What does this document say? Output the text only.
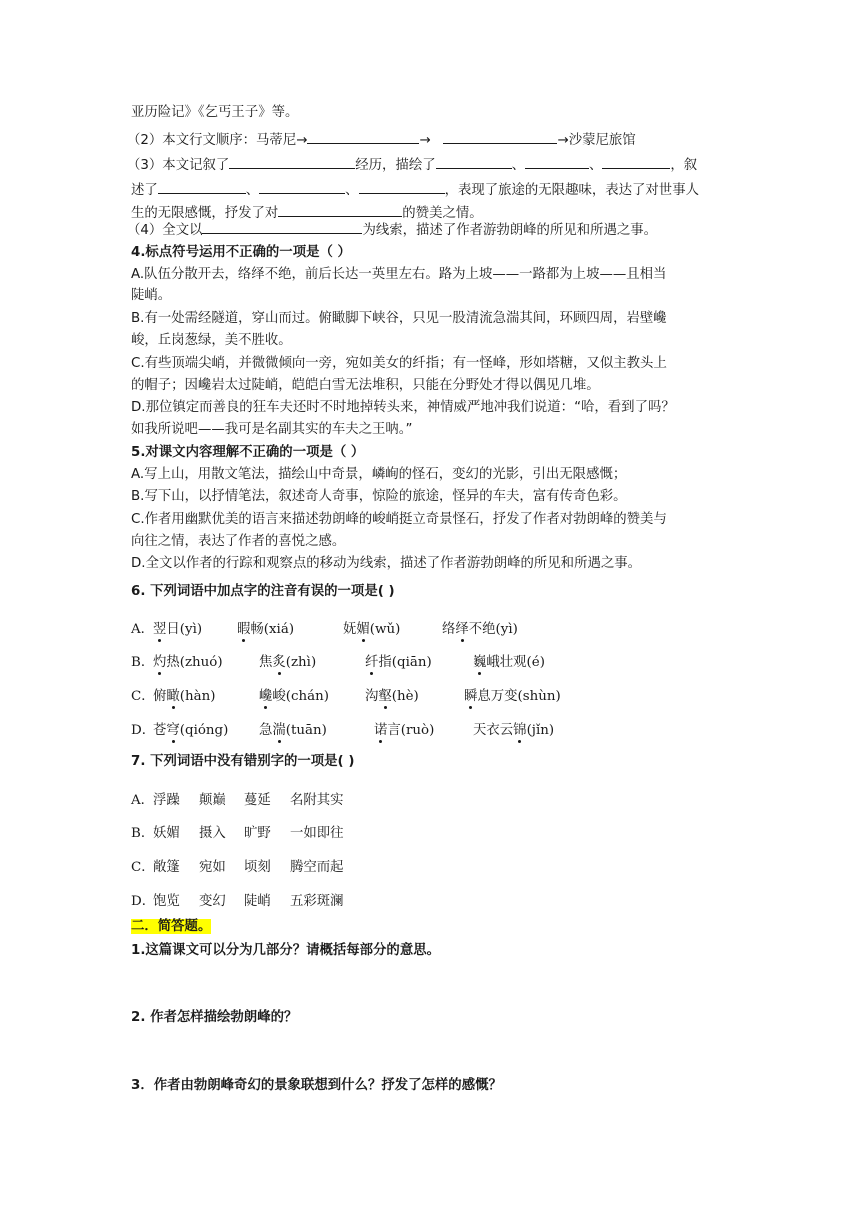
亚历险记》《乞丐王子》等。
（2）本文行文顺序：马蒂尼→	→	→沙蒙尼旅馆
（3）本文记叙了	经历，描绘了	、	、	，叙
述了	、	、	，表现了旅途的无限趣味，表达了对世事人
生的无限感慨，抒发了对	的赞美之情。
（4）全文以	为线索，描述了作者游勃朗峰的所见和所遇之事。
4.标点符号运用不正确的一项是（ ）
A.队伍分散开去，络绎不绝，前后长达一英里左右。路为上坡——一路都为上坡——且相当
陡峭。
B.有一处需经隧道，穿山而过。俯瞰脚下峡谷，只见一股清流急湍其间，环顾四周，岩壁巉
峻，丘岗葱绿，美不胜收。
C.有些顶端尖峭，并微微倾向一旁，宛如美女的纤指；有一怪峰，形如塔糖，又似主教头上
的帽子；因巉岩太过陡峭，皑皑白雪无法堆积，只能在分野处才得以偶见几堆。
D.那位镇定而善良的狂车夫还时不时地掉转头来，神情威严地冲我们说道：“哈，看到了吗？
如我所说吧——我可是名副其实的车夫之王呐。”
5.对课文内容理解不正确的一项是（ ）
A.写上山，用散文笔法，描绘山中奇景，嶙峋的怪石，变幻的光影，引出无限感慨；
B.写下山，以抒情笔法，叙述奇人奇事，惊险的旅途，怪异的车夫，富有传奇色彩。
C.作者用幽默优美的语言来描述勃朗峰的峻峭挺立奇景怪石，抒发了作者对勃朗峰的赞美与
向往之情，表达了作者的喜悦之感。
D.全文以作者的行踪和观察点的移动为线索，描述了作者游勃朗峰的所见和所遇之事。
6. 下列词语中加点字的注音有误的一项是( )
A．
翌日(yì)	暇畅(xiá)	妩媚(wǔ)	络绎不绝(yì)
B．
灼热(zhuó)	焦炙(zhì)	纤指(qiān)	巍峨壮观(é)
C．
俯瞰(hàn)	巉峻(chán)	沟壑(hè)	瞬息万变(shùn)
D．
苍穹(qióng) 急湍(tuān)	诺言(ruò)	天衣云锦(jǐn)
7. 下列词语中没有错别字的一项是( )
A．
浮躁 颠巅 蔓延 名附其实
B．
妖媚 摄入 旷野 一如即往
C．
敞篷 宛如 顷刻 腾空而起
D．
饱览 变幻 陡峭 五彩斑澜
二．简答题。
1.这篇课文可以分为几部分？请概括每部分的意思。
2. 作者怎样描绘勃朗峰的？
3．作者由勃朗峰奇幻的景象联想到什么？抒发了怎样的感慨？
